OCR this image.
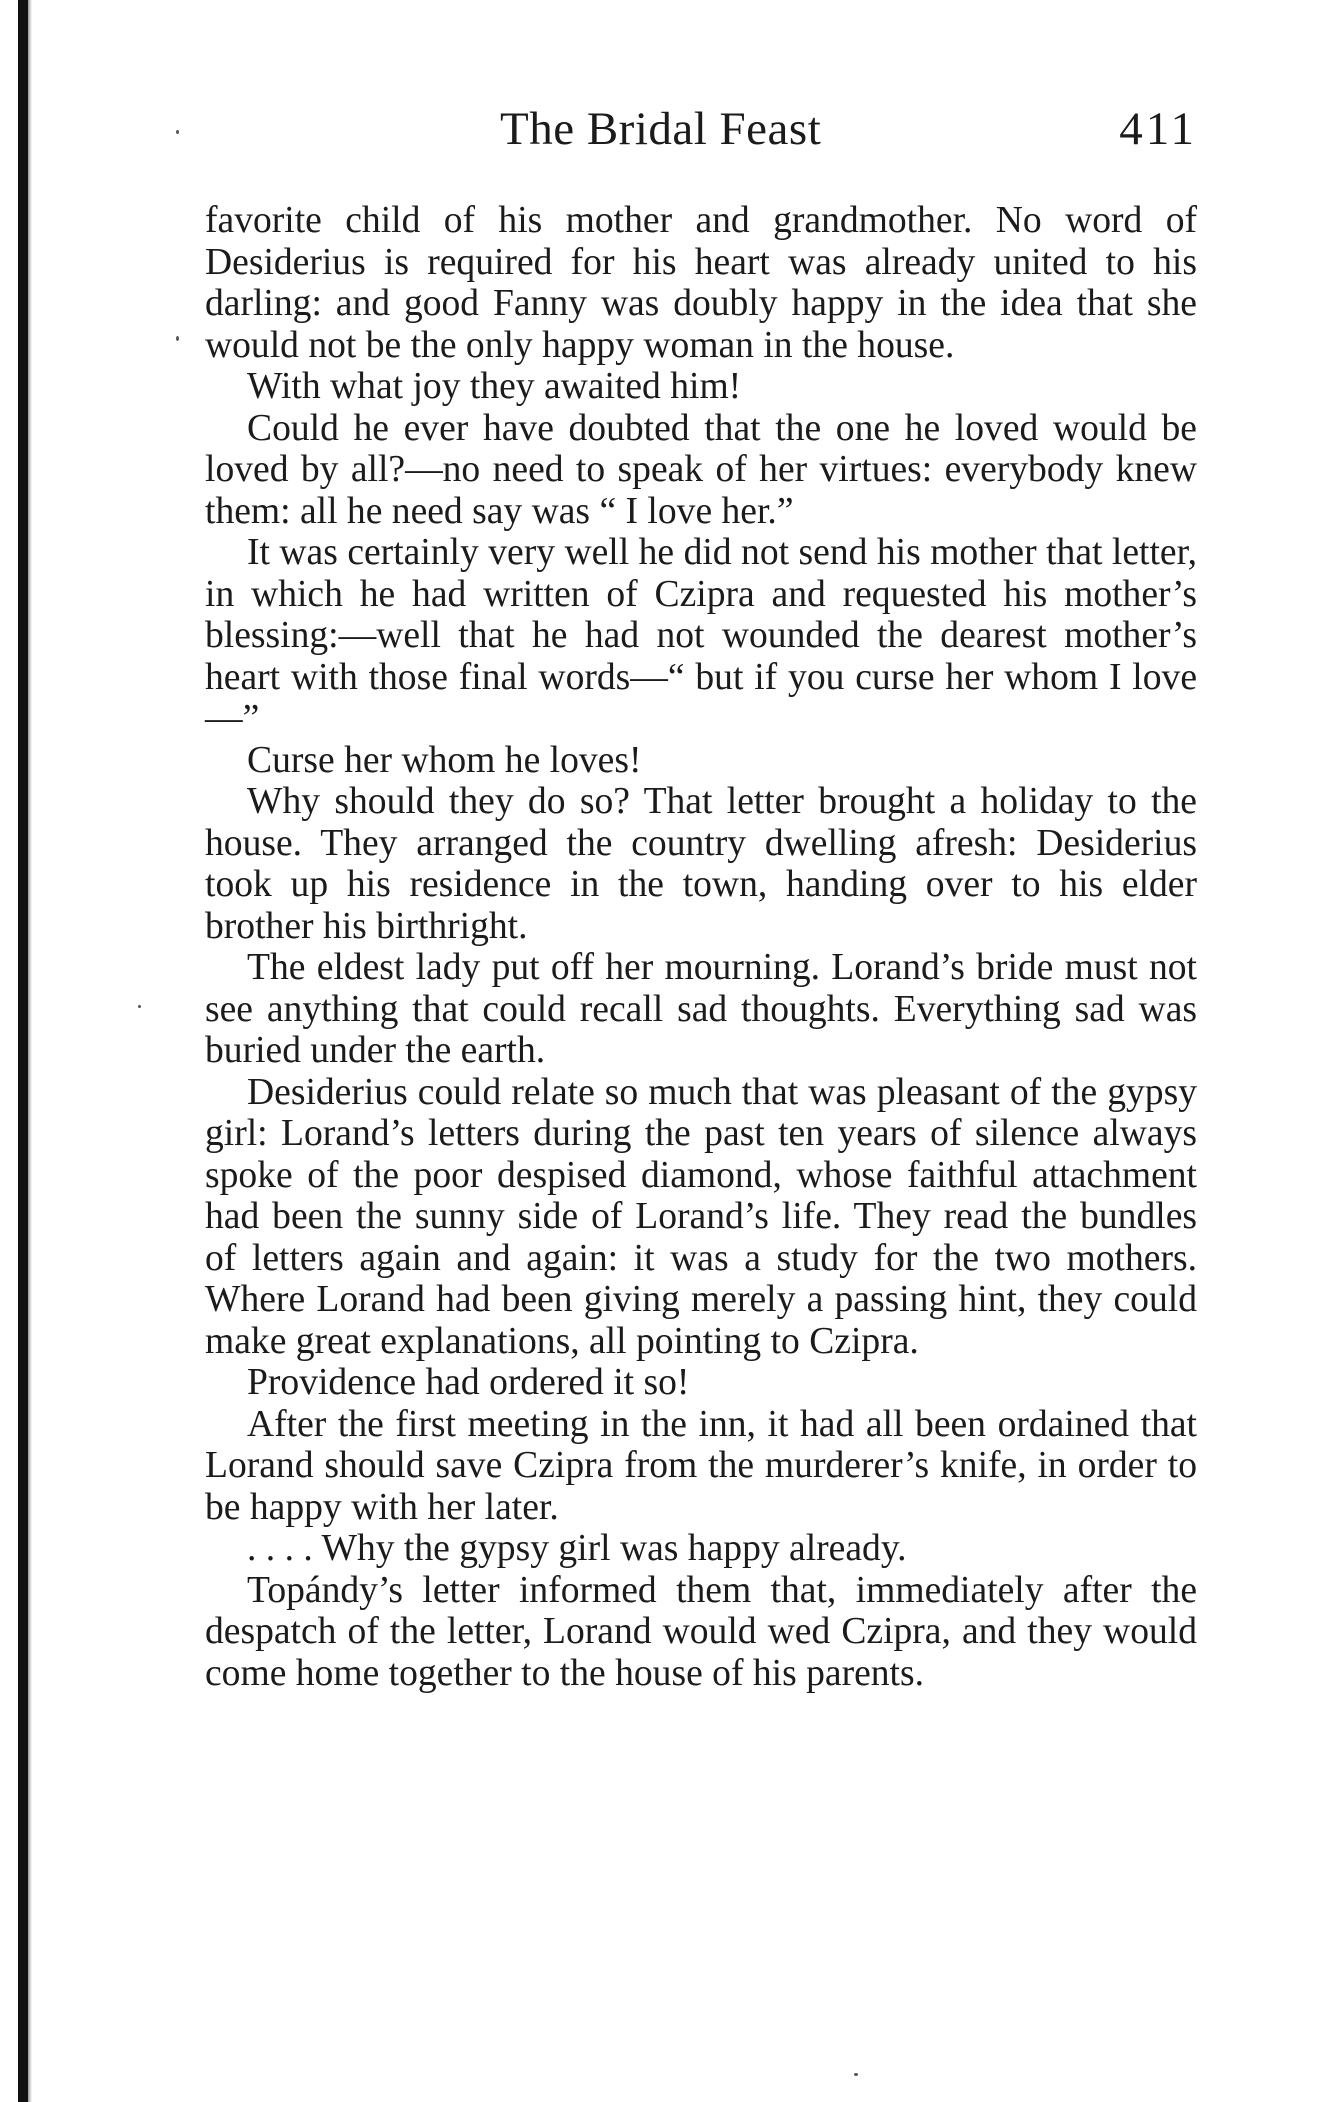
The Bridal Feast	411

favorite child of his mother and grandmother. No word of Desiderius is required for his heart was already united to his darling: and good Fanny was doubly happy in the idea that she would not be the only happy woman in the house.

With what joy they awaited him!

Could he ever have doubted that the one he loved would be loved by all?—no need to speak of her virtues: everybody knew them: all he need say was “ I love her.”

It was certainly very well he did not send his mother that letter, in which he had written of Czipra and requested his mother’s blessing:—well that he had not wounded the dearest mother’s heart with those final words—“ but if you curse her whom I love—”

Curse her whom he loves!

Why should they do so? That letter brought a holiday to the house. They arranged the country dwelling afresh: Desiderius took up his residence in the town, handing over to his elder brother his birthright.

The eldest lady put off her mourning. Lorand’s bride must not see anything that could recall sad thoughts. Everything sad was buried under the earth.

Desiderius could relate so much that was pleasant of the gypsy girl: Lorand’s letters during the past ten years of silence always spoke of the poor despised diamond, whose faithful attachment had been the sunny side of Lorand’s life. They read the bundles of letters again and again: it was a study for the two mothers. Where Lorand had been giving merely a passing hint, they could make great explanations, all pointing to Czipra.

Providence had ordered it so!

After the first meeting in the inn, it had all been ordained that Lorand should save Czipra from the murderer’s knife, in order to be happy with her later.

. . . . Why the gypsy girl was happy already.

Topándy’s letter informed them that, immediately after the despatch of the letter, Lorand would wed Czipra, and they would come home together to the house of his parents.
